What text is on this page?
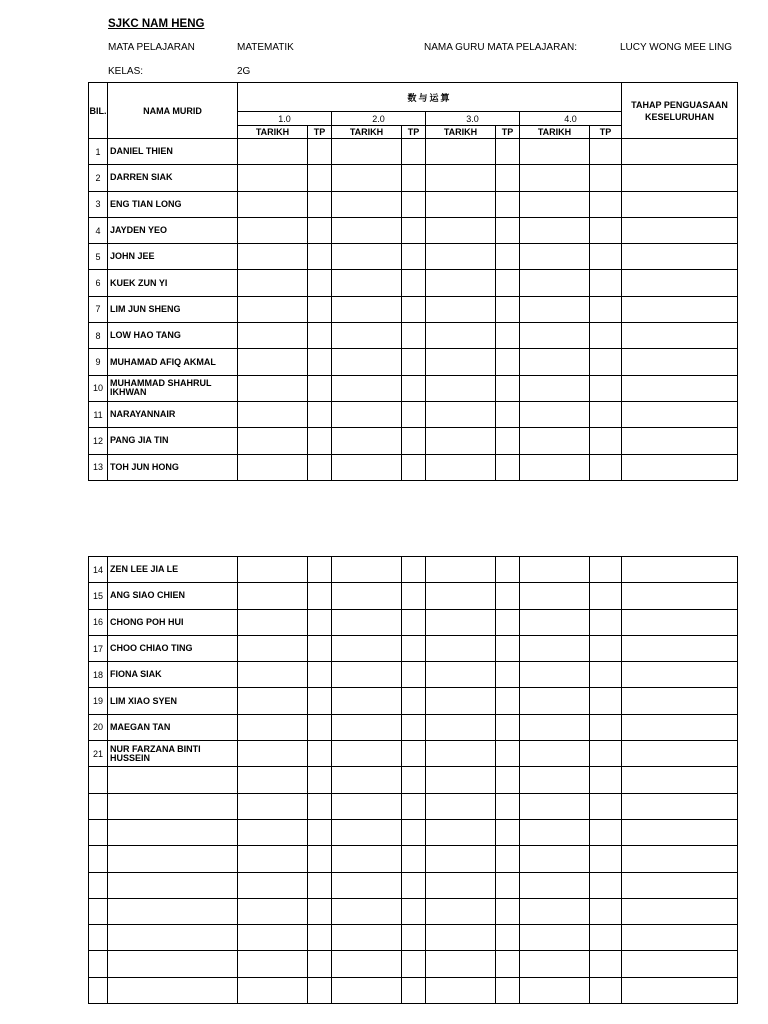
SJKC NAM HENG
MATA PELAJARAN	MATEMATIK	NAMA GURU MATA PELAJARAN:	LUCY WONG MEE LING
KELAS:	2G
BIL.	NAMA MURID	数与运算								TAHAP PENGUASAAN KESELURUHAN
		1.0		2.0		3.0		4.0		
		TARIKH	TP	TARIKH	TP	TARIKH	TP	TARIKH	TP	
1	DANIEL THIEN									
2	DARREN SIAK									
3	ENG TIAN LONG									
4	JAYDEN YEO									
5	JOHN JEE									
6	KUEK ZUN YI									
7	LIM JUN SHENG									
8	LOW HAO TANG									
9	MUHAMAD AFIQ AKMAL									
10	MUHAMMAD SHAHRUL IKHWAN									
11	NARAYANNAIR									
12	PANG JIA TIN									
13	TOH JUN HONG									
14	ZEN LEE JIA LE									
15	ANG SIAO CHIEN									
16	CHONG POH HUI									
17	CHOO CHIAO TING									
18	FIONA SIAK									
19	LIM XIAO SYEN									
20	MAEGAN TAN									
21	NUR FARZANA BINTI HUSSEIN									
